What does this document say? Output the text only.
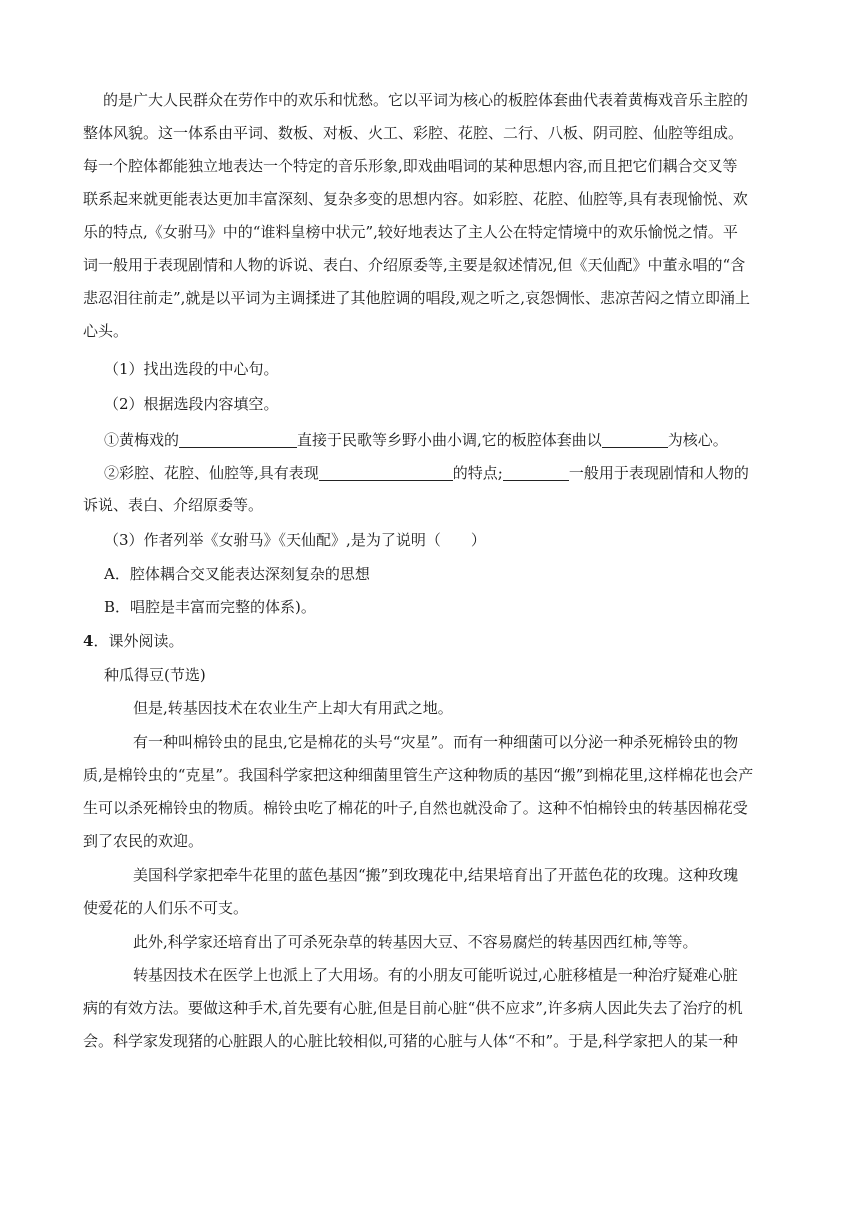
的是广大人民群众在劳作中的欢乐和忧愁。它以平词为核心的板腔体套曲代表着黄梅戏音乐主腔的
整体风貌。这一体系由平词、数板、对板、火工、彩腔、花腔、二行、八板、阴司腔、仙腔等组成。
每一个腔体都能独立地表达一个特定的音乐形象,即戏曲唱词的某种思想内容,而且把它们耦合交叉等
联系起来就更能表达更加丰富深刻、复杂多变的思想内容。如彩腔、花腔、仙腔等,具有表现愉悦、欢
乐的特点,《女驸马》中的“谁料皇榜中状元”,较好地表达了主人公在特定情境中的欢乐愉悦之情。平
词一般用于表现剧情和人物的诉说、表白、介绍原委等,主要是叙述情况,但《天仙配》中董永唱的“含
悲忍泪往前走”,就是以平词为主调揉进了其他腔调的唱段,观之听之,哀怨惆怅、悲凉苦闷之情立即涌上
心头。
（1）找出选段的中心句。
（2）根据选段内容填空。
①黄梅戏的	直接于民歌等乡野小曲小调,它的板腔体套曲以	为核心。
②彩腔、花腔、仙腔等,具有表现	的特点;	一般用于表现剧情和人物的
诉说、表白、介绍原委等。
（3）作者列举《女驸马》《天仙配》,是为了说明（　　）
A．腔体耦合交叉能表达深刻复杂的思想
B．唱腔是丰富而完整的体系)。
4．课外阅读。
种瓜得豆(节选)
但是,转基因技术在农业生产上却大有用武之地。
有一种叫棉铃虫的昆虫,它是棉花的头号“灾星”。而有一种细菌可以分泌一种杀死棉铃虫的物
质,是棉铃虫的“克星”。我国科学家把这种细菌里管生产这种物质的基因“搬”到棉花里,这样棉花也会产
生可以杀死棉铃虫的物质。棉铃虫吃了棉花的叶子,自然也就没命了。这种不怕棉铃虫的转基因棉花受
到了农民的欢迎。
美国科学家把牵牛花里的蓝色基因“搬”到玫瑰花中,结果培育出了开蓝色花的玫瑰。这种玫瑰
使爱花的人们乐不可支。
此外,科学家还培育出了可杀死杂草的转基因大豆、不容易腐烂的转基因西红柿,等等。
转基因技术在医学上也派上了大用场。有的小朋友可能听说过,心脏移植是一种治疗疑难心脏
病的有效方法。要做这种手术,首先要有心脏,但是目前心脏“供不应求”,许多病人因此失去了治疗的机
会。科学家发现猪的心脏跟人的心脏比较相似,可猪的心脏与人体“不和”。于是,科学家把人的某一种
